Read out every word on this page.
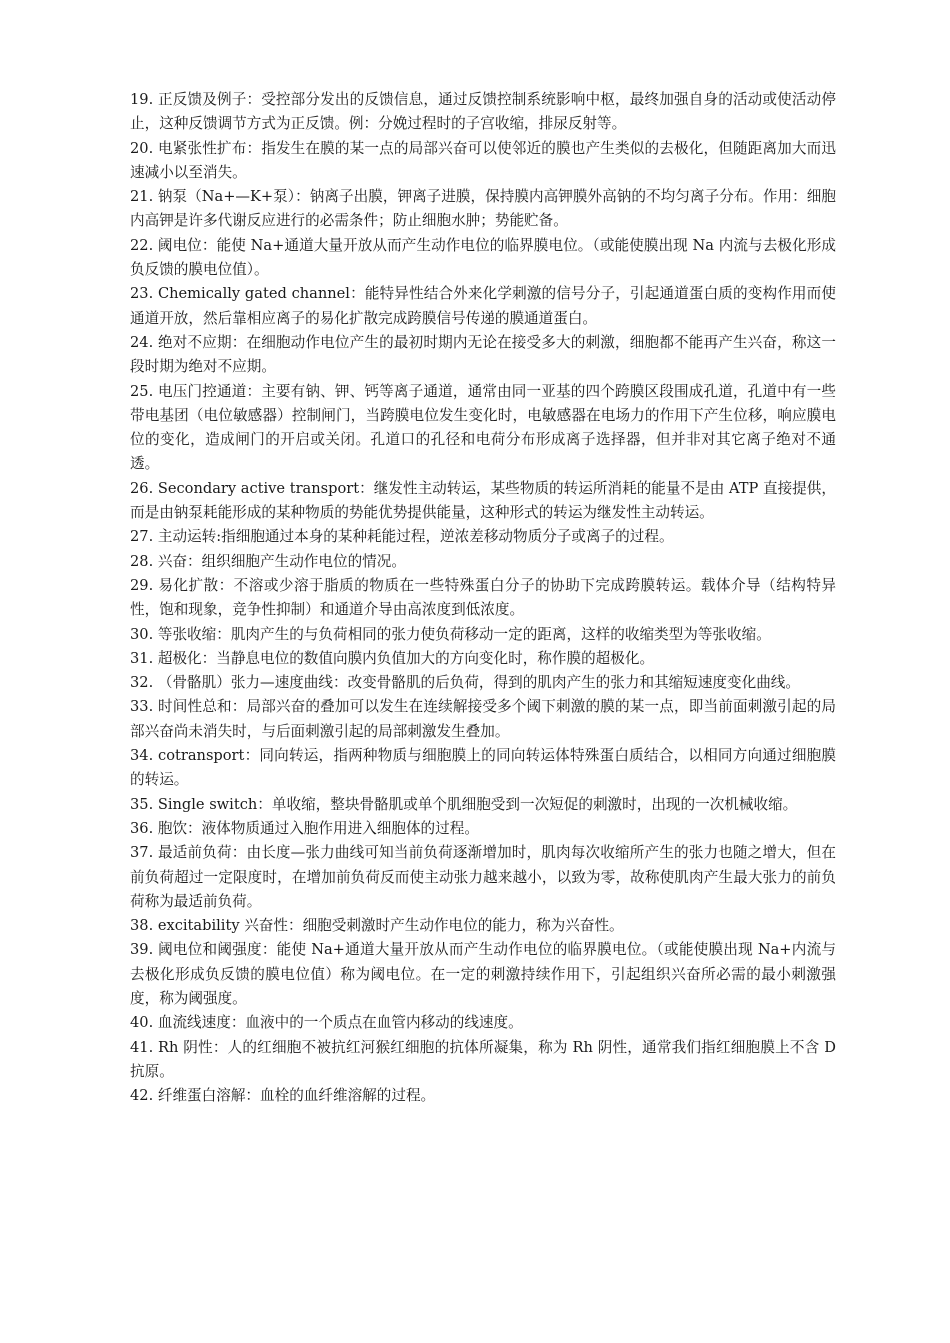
19. 正反馈及例子：受控部分发出的反馈信息，通过反馈控制系统影响中枢，最终加强自身的活动或使活动停止，这种反馈调节方式为正反馈。例：分娩过程时的子宫收缩，排尿反射等。

20. 电紧张性扩布：指发生在膜的某一点的局部兴奋可以使邻近的膜也产生类似的去极化，但随距离加大而迅速减小以至消失。

21. 钠泵（Na+—K+泵）：钠离子出膜，钾离子进膜，保持膜内高钾膜外高钠的不均匀离子分布。作用：细胞内高钾是许多代谢反应进行的必需条件；防止细胞水肿；势能贮备。

22. 阈电位：能使 Na+通道大量开放从而产生动作电位的临界膜电位。（或能使膜出现 Na 内流与去极化形成负反馈的膜电位值）。

23. Chemically gated channel：能特异性结合外来化学刺激的信号分子，引起通道蛋白质的变构作用而使通道开放，然后靠相应离子的易化扩散完成跨膜信号传递的膜通道蛋白。

24. 绝对不应期：在细胞动作电位产生的最初时期内无论在接受多大的刺激，细胞都不能再产生兴奋，称这一段时期为绝对不应期。

25. 电压门控通道：主要有钠、钾、钙等离子通道，通常由同一亚基的四个跨膜区段围成孔道，孔道中有一些带电基团（电位敏感器）控制闸门，当跨膜电位发生变化时，电敏感器在电场力的作用下产生位移，响应膜电位的变化，造成闸门的开启或关闭。孔道口的孔径和电荷分布形成离子选择器，但并非对其它离子绝对不通透。

26. Secondary active transport：继发性主动转运，某些物质的转运所消耗的能量不是由 ATP 直接提供，而是由钠泵耗能形成的某种物质的势能优势提供能量，这种形式的转运为继发性主动转运。

27. 主动运转:指细胞通过本身的某种耗能过程，逆浓差移动物质分子或离子的过程。

28. 兴奋：组织细胞产生动作电位的情况。

29. 易化扩散：不溶或少溶于脂质的物质在一些特殊蛋白分子的协助下完成跨膜转运。载体介导（结构特异性，饱和现象，竞争性抑制）和通道介导由高浓度到低浓度。

30. 等张收缩：肌肉产生的与负荷相同的张力使负荷移动一定的距离，这样的收缩类型为等张收缩。

31. 超极化：当静息电位的数值向膜内负值加大的方向变化时，称作膜的超极化。

32. （骨骼肌）张力—速度曲线：改变骨骼肌的后负荷，得到的肌肉产生的张力和其缩短速度变化曲线。

33. 时间性总和：局部兴奋的叠加可以发生在连续解接受多个阈下刺激的膜的某一点，即当前面刺激引起的局部兴奋尚未消失时，与后面刺激引起的局部刺激发生叠加。

34. cotransport：同向转运，指两种物质与细胞膜上的同向转运体特殊蛋白质结合，以相同方向通过细胞膜的转运。

35. Single switch：单收缩，整块骨骼肌或单个肌细胞受到一次短促的刺激时，出现的一次机械收缩。

36. 胞饮：液体物质通过入胞作用进入细胞体的过程。

37. 最适前负荷：由长度—张力曲线可知当前负荷逐渐增加时，肌肉每次收缩所产生的张力也随之增大，但在前负荷超过一定限度时，在增加前负荷反而使主动张力越来越小，以致为零，故称使肌肉产生最大张力的前负荷称为最适前负荷。

38. excitability 兴奋性：细胞受刺激时产生动作电位的能力，称为兴奋性。

39. 阈电位和阈强度：能使 Na+通道大量开放从而产生动作电位的临界膜电位。（或能使膜出现 Na+内流与去极化形成负反馈的膜电位值）称为阈电位。在一定的刺激持续作用下，引起组织兴奋所必需的最小刺激强度，称为阈强度。

40. 血流线速度：血液中的一个质点在血管内移动的线速度。

41. Rh 阴性：人的红细胞不被抗红河猴红细胞的抗体所凝集，称为 Rh 阴性，通常我们指红细胞膜上不含 D 抗原。

42. 纤维蛋白溶解：血栓的血纤维溶解的过程。
